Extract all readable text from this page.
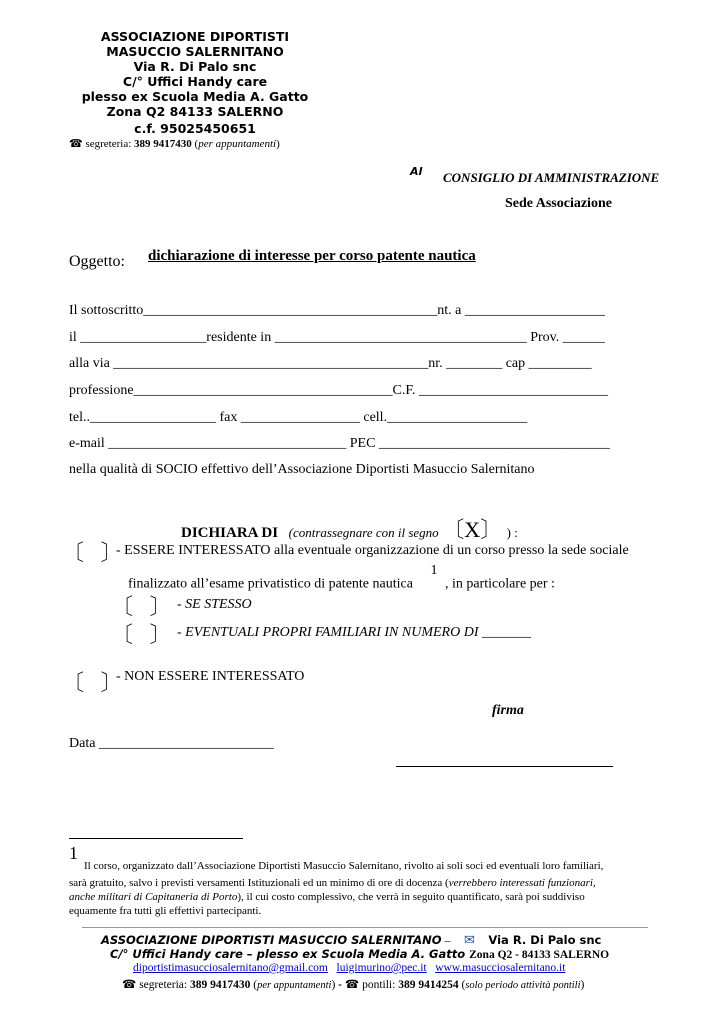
ASSOCIAZIONE DIPORTISTI
MASUCCIO SALERNITANO
Via R. Di Palo snc
C/° Uffici Handy care
plesso ex Scuola Media A. Gatto
Zona Q2 84133 SALERNO
c.f. 95025450651
☎ segreteria: 389 9417430 (per appuntamenti)
Al CONSIGLIO DI AMMINISTRAZIONE
Sede Associazione
Oggetto: dichiarazione di interesse per corso patente nautica
Il sottoscritto__________________________________________nt. a ____________________
il __________________residente in ____________________________________ Prov. ______
alla via _____________________________________________nr. ________ cap _________
professione_____________________________________C.F. ___________________________
tel..__________________ fax _________________ cell.____________________
e-mail __________________________________ PEC _________________________________
nella qualità di SOCIO effettivo dell’Associazione Diportisti Masuccio Salernitano
DICHIARA DI (contrassegnare con il segno 〔X〕 ) :
〔   〕
- ESSERE INTERESSATO alla eventuale organizzazione di un corso presso la sede sociale
finalizzato all’esame privatistico di patente nautica $^1$ , in particolare per :
〔   〕 - SE STESSO
〔   〕 - EVENTUALI PROPRI FAMILIARI IN NUMERO DI _______
〔   〕
- NON ESSERE INTERESSATO
firma
Data _________________________
1
Il corso, organizzato dall’Associazione Diportisti Masuccio Salernitano, rivolto ai soli soci ed eventuali loro familiari,
sarà gratuito, salvo i previsti versamenti Istituzionali ed un minimo di ore di docenza (verrebbero interessati funzionari,
anche militari di Capitaneria di Porto), il cui costo complessivo, che verrà in seguito quantificato, sarà poi suddiviso
equamente fra tutti gli effettivi partecipanti.
ASSOCIAZIONE DIPORTISTI MASUCCIO SALERNITANO – ✉ Via R. Di Palo snc
C/° Uffici Handy care – plesso ex Scuola Media A. Gatto Zona Q2 - 84133 SALERNO
diportistimasucciosalernitano@gmail.com luigimurino@pec.it www.masucciosalernitano.it
☎ segreteria: 389 9417430 (per appuntamenti) - ☎ pontili: 389 9414254 (solo periodo attività pontili)
